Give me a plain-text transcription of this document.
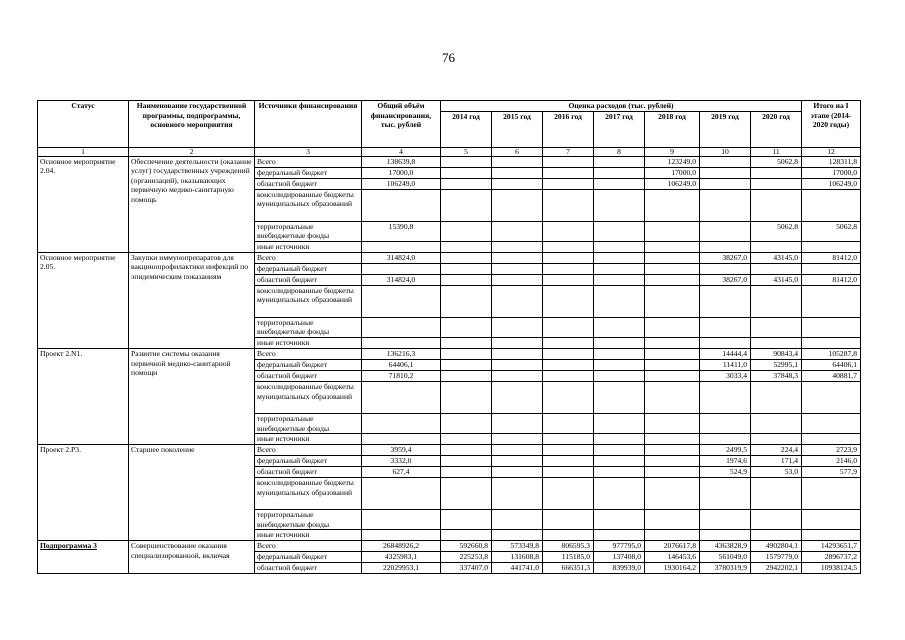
76
Статус	Наименование государственной программы, подпрограммы, основного мероприятия	Источники финансирования	Общий объём финансирования, тыс. рублей	Оценка расходов (тыс. рублей)							Итого на I этапе (2014-2020 годы)
				2014 год	2015 год	2016 год	2017 год	2018 год	2019 год	2020 год	
1	2	3	4	5	6	7	8	9	10	11	12
Основное мероприятие 2.04.	Обеспечение деятельности (оказание услуг) государственных учреждений (организаций), оказывающих первичную медико-санитарную помощь	Всего	138639,8					123249,0		5062,8	128311,8
		федеральный бюджет	17000,0					17000,0			17000,0
		областной бюджет	106249,0					106249,0			106249,0
		консолидированные бюджеты муниципальных образований									
		территориальные внебюджетные фонды	15390,8							5062,8	5062,8
		иные источники									
Основное мероприятие 2.05.	Закупки иммунопрепаратов для вакцинопрофилактики инфекций по эпидемическим показаниям	Всего	314824,0						38267,0	43145,0	81412,0
		федеральный бюджет									
		областной бюджет	314824,0						38267,0	43145,0	81412,0
		консолидированные бюджеты муниципальных образований									
		территориальные внебюджетные фонды									
		иные источники									
Проект 2.N1.	Развитие системы оказания первичной медико-санитарной помощи	Всего	136216,3						14444,4	90843,4	105287,8
		федеральный бюджет	64406,1						11411,0	52995,1	64406,1
		областной бюджет	71810,2						3033,4	37848,3	40881,7
		консолидированные бюджеты муниципальных образований									
		территориальные внебюджетные фонды									
		иные источники									
Проект 2.P3.	Старшее поколение	Всего	3959,4						2499,5	224,4	2723,9
		федеральный бюджет	3332,0						1974,6	171,4	2146,0
		областной бюджет	627,4						524,9	53,0	577,9
		консолидированные бюджеты муниципальных образований									
		территориальные внебюджетные фонды									
		иные источники									
Подпрограмма 3	Совершенствование оказания специализированной, включая	Всего	26848926,2	592660,8	573349,8	806595,3	977795,0	2076617,8	4363828,9	4902804,1	14293651,7
		федеральный бюджет	4325983,1	225253,8	131608,8	115185,0	137408,0	146453,6	561049,0	1579779,0	2896737,2
		областной бюджет	22029953,1	337407,0	441741,0	666351,3	839939,0	1930164,2	3780319,9	2942202,1	10938124,5
